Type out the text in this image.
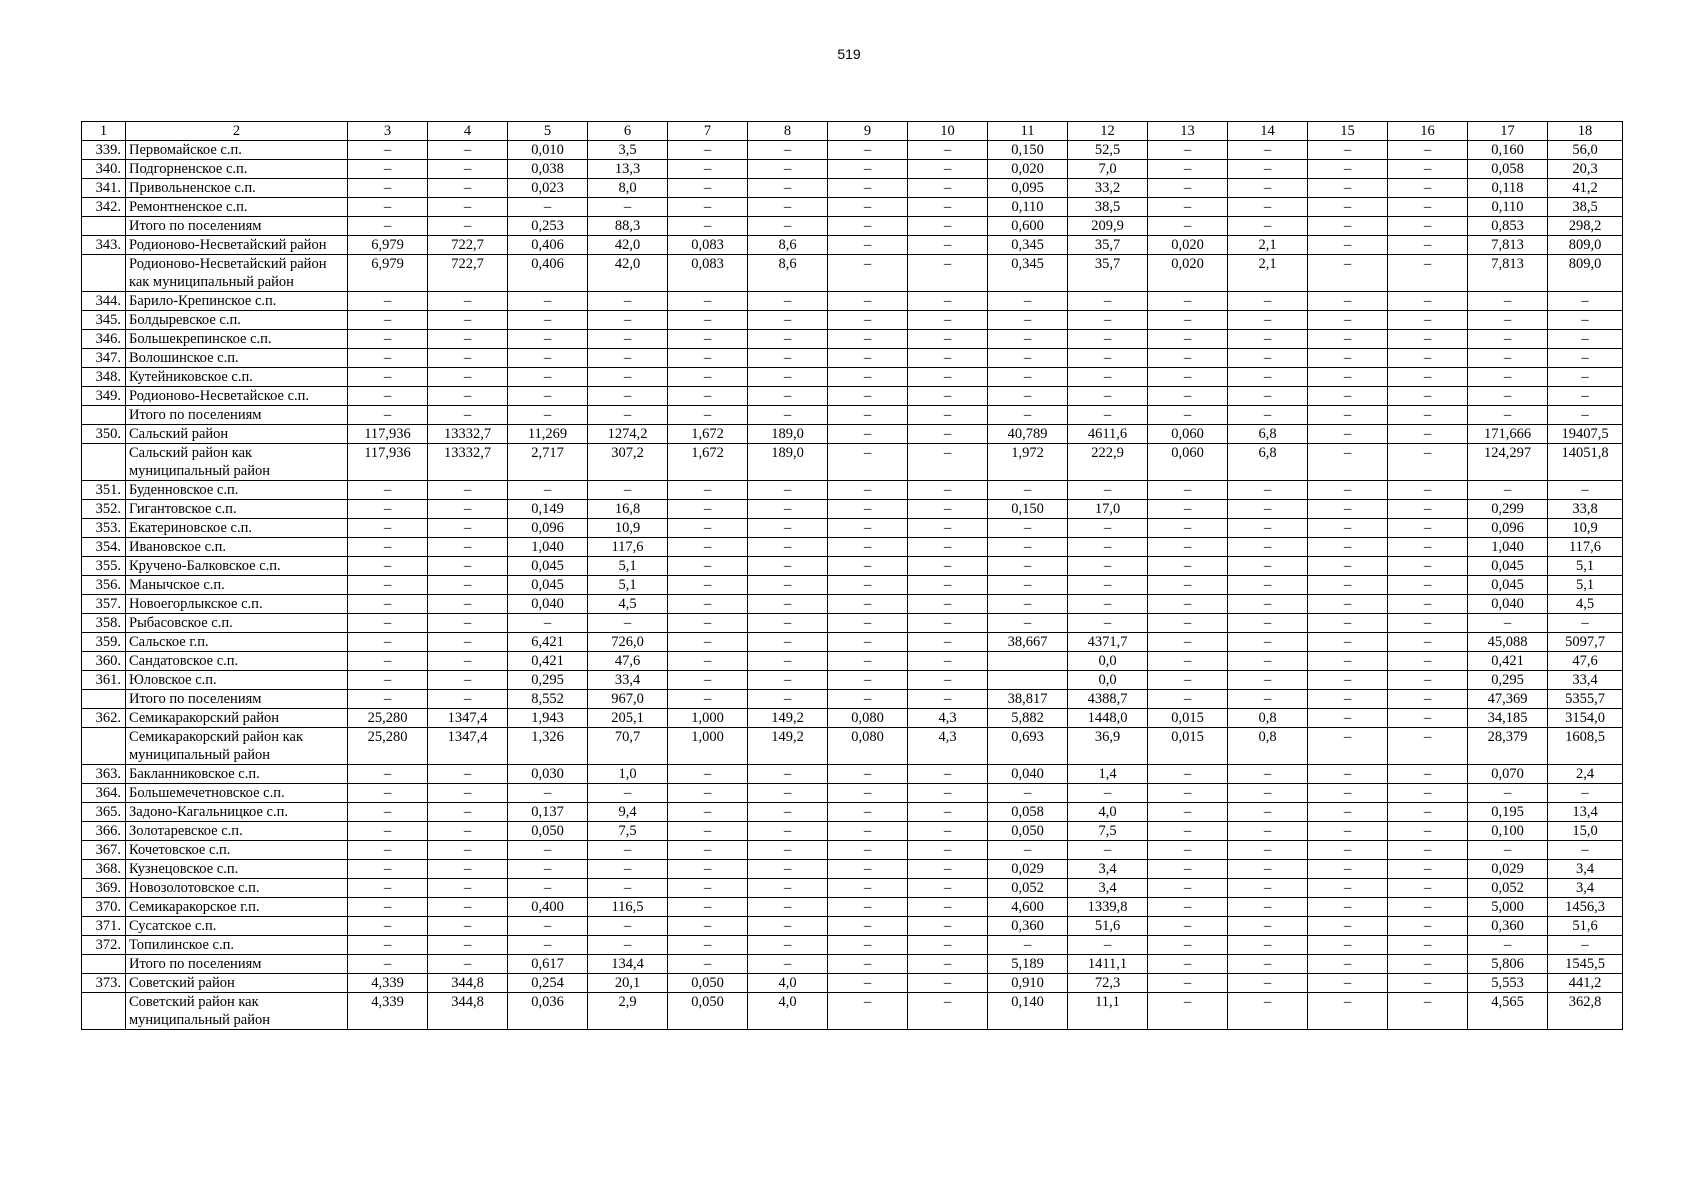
519
1	2	3	4	5	6	7	8	9	10	11	12	13	14	15	16	17	18
339.	Первомайское с.п.	–	–	0,010	3,5	–	–	–	–	0,150	52,5	–	–	–	–	0,160	56,0
340.	Подгорненское с.п.	–	–	0,038	13,3	–	–	–	–	0,020	7,0	–	–	–	–	0,058	20,3
341.	Привольненское с.п.	–	–	0,023	8,0	–	–	–	–	0,095	33,2	–	–	–	–	0,118	41,2
342.	Ремонтненское с.п.	–	–	–	–	–	–	–	–	0,110	38,5	–	–	–	–	0,110	38,5
	Итого по поселениям	–	–	0,253	88,3	–	–	–	–	0,600	209,9	–	–	–	–	0,853	298,2
343.	Родионово-Несветайский район	6,979	722,7	0,406	42,0	0,083	8,6	–	–	0,345	35,7	0,020	2,1	–	–	7,813	809,0
	Родионово-Несветайский район как муниципальный район	6,979	722,7	0,406	42,0	0,083	8,6	–	–	0,345	35,7	0,020	2,1	–	–	7,813	809,0
344.	Барило-Крепинское с.п.	–	–	–	–	–	–	–	–	–	–	–	–	–	–	–	–
345.	Болдыревское с.п.	–	–	–	–	–	–	–	–	–	–	–	–	–	–	–	–
346.	Большекрепинское с.п.	–	–	–	–	–	–	–	–	–	–	–	–	–	–	–	–
347.	Волошинское с.п.	–	–	–	–	–	–	–	–	–	–	–	–	–	–	–	–
348.	Кутейниковское с.п.	–	–	–	–	–	–	–	–	–	–	–	–	–	–	–	–
349.	Родионово-Несветайское с.п.	–	–	–	–	–	–	–	–	–	–	–	–	–	–	–	–
	Итого по поселениям	–	–	–	–	–	–	–	–	–	–	–	–	–	–	–	–
350.	Сальский район	117,936	13332,7	11,269	1274,2	1,672	189,0	–	–	40,789	4611,6	0,060	6,8	–	–	171,666	19407,5
	Сальский район как муниципальный район	117,936	13332,7	2,717	307,2	1,672	189,0	–	–	1,972	222,9	0,060	6,8	–	–	124,297	14051,8
351.	Буденновское с.п.	–	–	–	–	–	–	–	–	–	–	–	–	–	–	–	–
352.	Гигантовское с.п.	–	–	0,149	16,8	–	–	–	–	0,150	17,0	–	–	–	–	0,299	33,8
353.	Екатериновское с.п.	–	–	0,096	10,9	–	–	–	–	–	–	–	–	–	–	0,096	10,9
354.	Ивановское с.п.	–	–	1,040	117,6	–	–	–	–	–	–	–	–	–	–	1,040	117,6
355.	Кручено-Балковское с.п.	–	–	0,045	5,1	–	–	–	–	–	–	–	–	–	–	0,045	5,1
356.	Манычское с.п.	–	–	0,045	5,1	–	–	–	–	–	–	–	–	–	–	0,045	5,1
357.	Новоегорлыкское с.п.	–	–	0,040	4,5	–	–	–	–	–	–	–	–	–	–	0,040	4,5
358.	Рыбасовское с.п.	–	–	–	–	–	–	–	–	–	–	–	–	–	–	–	–
359.	Сальское г.п.	–	–	6,421	726,0	–	–	–	–	38,667	4371,7	–	–	–	–	45,088	5097,7
360.	Сандатовское с.п.	–	–	0,421	47,6	–	–	–	–		0,0	–	–	–	–	0,421	47,6
361.	Юловское с.п.	–	–	0,295	33,4	–	–	–	–		0,0	–	–	–	–	0,295	33,4
	Итого по поселениям	–	–	8,552	967,0	–	–	–	–	38,817	4388,7	–	–	–	–	47,369	5355,7
362.	Семикаракорский район	25,280	1347,4	1,943	205,1	1,000	149,2	0,080	4,3	5,882	1448,0	0,015	0,8	–	–	34,185	3154,0
	Семикаракорский район как муниципальный район	25,280	1347,4	1,326	70,7	1,000	149,2	0,080	4,3	0,693	36,9	0,015	0,8	–	–	28,379	1608,5
363.	Бакланниковское с.п.	–	–	0,030	1,0	–	–	–	–	0,040	1,4	–	–	–	–	0,070	2,4
364.	Большемечетновское с.п.	–	–	–	–	–	–	–	–	–	–	–	–	–	–	–	–
365.	Задоно-Кагальницкое с.п.	–	–	0,137	9,4	–	–	–	–	0,058	4,0	–	–	–	–	0,195	13,4
366.	Золотаревское с.п.	–	–	0,050	7,5	–	–	–	–	0,050	7,5	–	–	–	–	0,100	15,0
367.	Кочетовское с.п.	–	–	–	–	–	–	–	–	–	–	–	–	–	–	–	–
368.	Кузнецовское с.п.	–	–	–	–	–	–	–	–	0,029	3,4	–	–	–	–	0,029	3,4
369.	Новозолотовское с.п.	–	–	–	–	–	–	–	–	0,052	3,4	–	–	–	–	0,052	3,4
370.	Семикаракорское г.п.	–	–	0,400	116,5	–	–	–	–	4,600	1339,8	–	–	–	–	5,000	1456,3
371.	Сусатское с.п.	–	–	–	–	–	–	–	–	0,360	51,6	–	–	–	–	0,360	51,6
372.	Топилинское с.п.	–	–	–	–	–	–	–	–	–	–	–	–	–	–	–	–
	Итого по поселениям	–	–	0,617	134,4	–	–	–	–	5,189	1411,1	–	–	–	–	5,806	1545,5
373.	Советский район	4,339	344,8	0,254	20,1	0,050	4,0	–	–	0,910	72,3	–	–	–	–	5,553	441,2
	Советский район как муниципальный район	4,339	344,8	0,036	2,9	0,050	4,0	–	–	0,140	11,1	–	–	–	–	4,565	362,8
